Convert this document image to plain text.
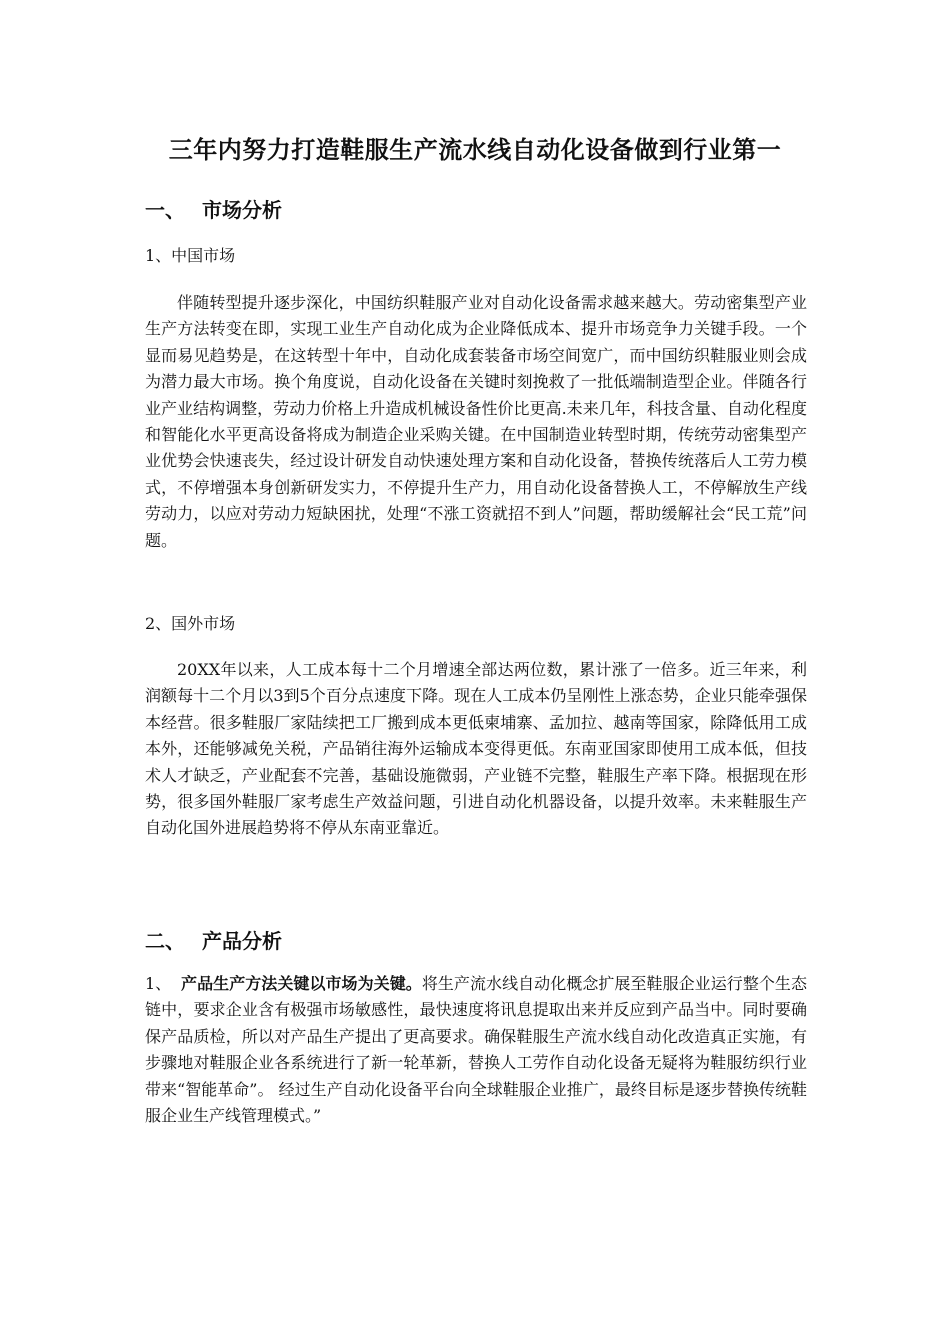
三年内努力打造鞋服生产流水线自动化设备做到行业第一
一、 市场分析
1、中国市场
伴随转型提升逐步深化，中国纺织鞋服产业对自动化设备需求越来越大。劳动密集型产业生产方法转变在即，实现工业生产自动化成为企业降低成本、提升市场竞争力关键手段。一个显而易见趋势是，在这转型十年中，自动化成套装备市场空间宽广，而中国纺织鞋服业则会成为潜力最大市场。换个角度说，自动化设备在关键时刻挽救了一批低端制造型企业。伴随各行业产业结构调整，劳动力价格上升造成机械设备性价比更高.未来几年，科技含量、自动化程度和智能化水平更高设备将成为制造企业采购关键。在中国制造业转型时期，传统劳动密集型产业优势会快速丧失，经过设计研发自动快速处理方案和自动化设备，替换传统落后人工劳力模式，不停增强本身创新研发实力，不停提升生产力，用自动化设备替换人工，不停解放生产线劳动力，以应对劳动力短缺困扰，处理“不涨工资就招不到人”问题，帮助缓解社会“民工荒”问题。
2、国外市场
20XX年以来，人工成本每十二个月增速全部达两位数，累计涨了一倍多。近三年来，利润额每十二个月以3到5个百分点速度下降。现在人工成本仍呈刚性上涨态势，企业只能牵强保本经营。很多鞋服厂家陆续把工厂搬到成本更低柬埔寨、孟加拉、越南等国家，除降低用工成本外，还能够减免关税，产品销往海外运输成本变得更低。东南亚国家即使用工成本低，但技术人才缺乏，产业配套不完善，基础设施微弱，产业链不完整，鞋服生产率下降。根据现在形势，很多国外鞋服厂家考虑生产效益问题，引进自动化机器设备，以提升效率。未来鞋服生产自动化国外进展趋势将不停从东南亚靠近。
二、 产品分析
1、 产品生产方法关键以市场为关键。将生产流水线自动化概念扩展至鞋服企业运行整个生态链中，要求企业含有极强市场敏感性，最快速度将讯息提取出来并反应到产品当中。同时要确保产品质检，所以对产品生产提出了更高要求。确保鞋服生产流水线自动化改造真正实施，有步骤地对鞋服企业各系统进行了新一轮革新，替换人工劳作自动化设备无疑将为鞋服纺织行业带来“智能革命”。 经过生产自动化设备平台向全球鞋服企业推广，最终目标是逐步替换传统鞋服企业生产线管理模式。”
